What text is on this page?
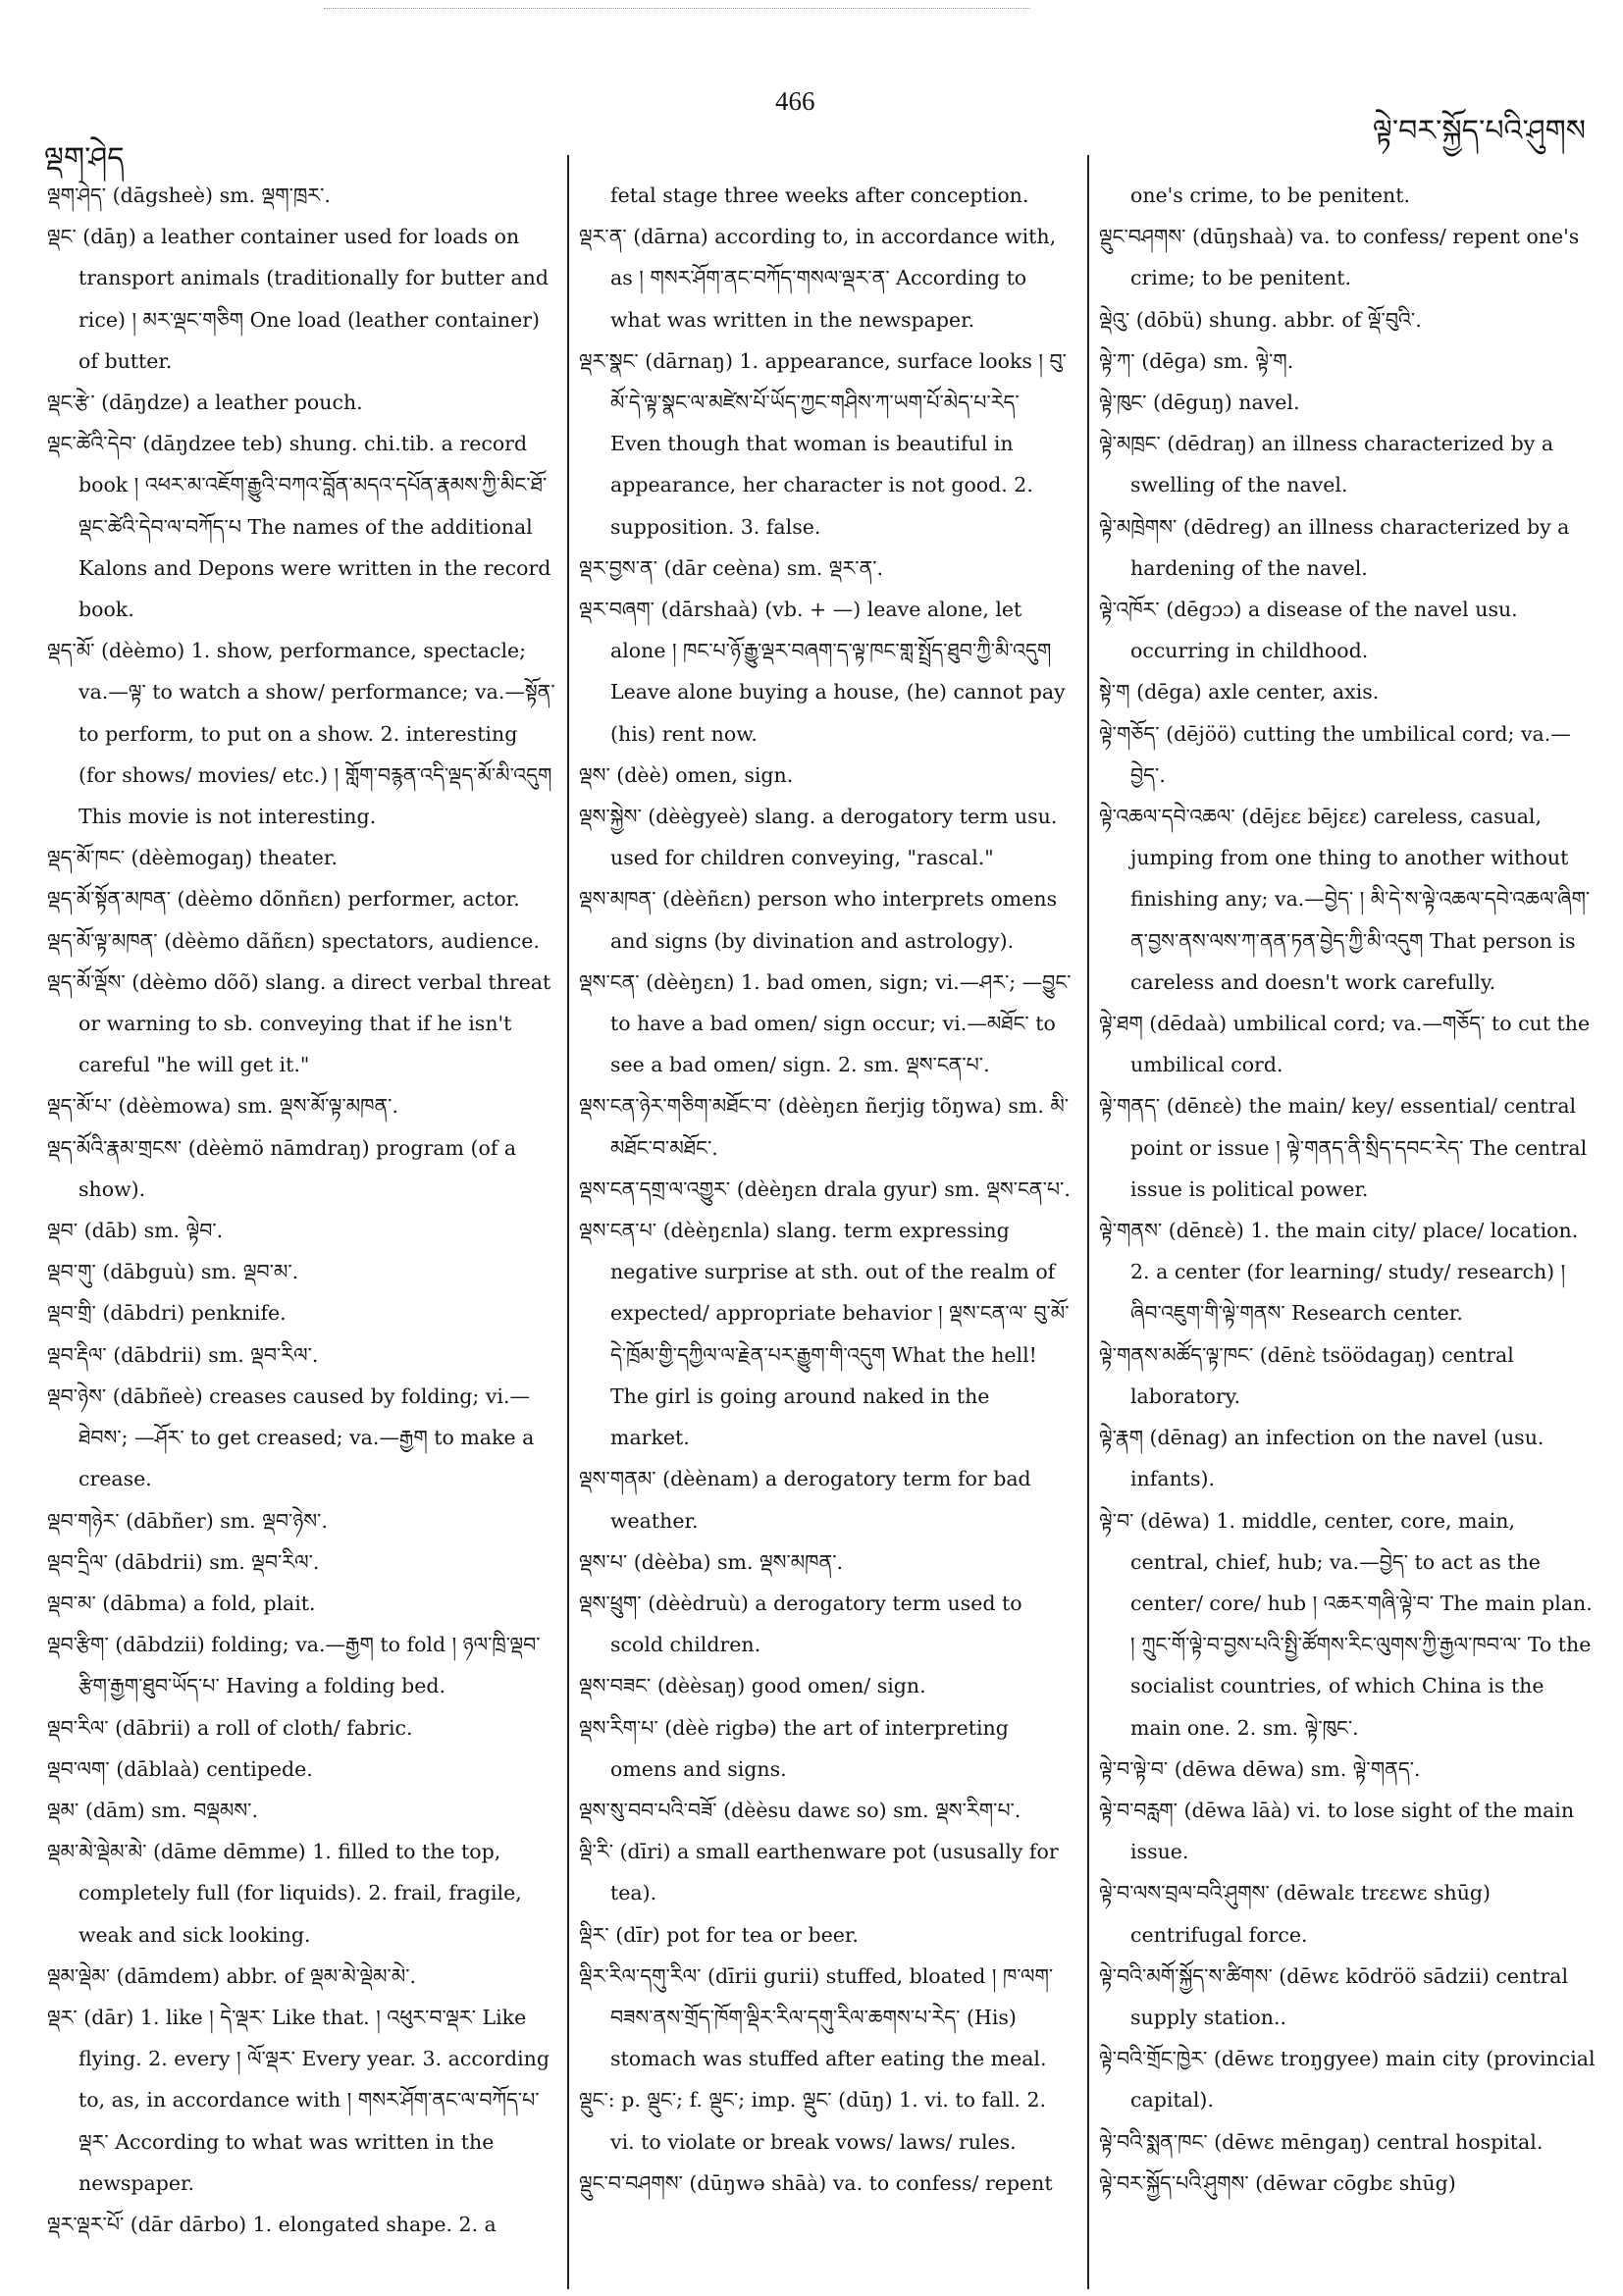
ལྡག་ཤེད
466
ལྟེ་བར་སྐྱོད་པའི་ཤུགས

ལྡག་ཤེད་ (dāgsheè) sm. ལྡག་ཁྲར་.

ལྡང་ (dāŋ) a leather container used for loads on transport animals (traditionally for butter and rice) ། མར་ལྡང་གཅིག One load (leather container) of butter.

ལྡང་རྩེ་ (dāŋdze) a leather pouch.

ལྡང་ཚེའི་དེབ་ (dāŋdzee teb) shung. chi.tib. a record book ། འཕར་མ་འཇོག་རྒྱུའི་བཀའ་བློན་མདའ་དཔོན་རྣམས་ཀྱི་མིང་ཐོ་ལྡང་ཚེའི་དེབ་ལ་བཀོད་པ The names of the additional Kalons and Depons were written in the record book.

ལྡད་མོ་ (dèèmo) 1. show, performance, spectacle; va.—ལྟ་ to watch a show/ performance; va.—སྟོན་ to perform, to put on a show. 2. interesting (for shows/ movies/ etc.) ། གློག་བརྙན་འདི་ལྡད་མོ་མི་འདུག This movie is not interesting.

ལྡད་མོ་ཁང་ (dèèmogaŋ) theater.

ལྡད་མོ་སྟོན་མཁན་ (dèèmo dõnñɛn) performer, actor.

ལྡད་མོ་ལྟ་མཁན་ (dèèmo dãñɛn) spectators, audience.

ལྡད་མོ་ལྡོས་ (dèèmo dõõ) slang. a direct verbal threat or warning to sb. conveying that if he isn't careful "he will get it."

ལྡད་མོ་པ་ (dèèmowa) sm. ལྡས་མོ་ལྟ་མཁན་.

ལྡད་མོའི་རྣམ་གྲངས་ (dèèmö nāmdraŋ) program (of a show).

ལྡབ་ (dāb) sm. ལྟེབ་.

ལྡབ་གུ་ (dābguù) sm. ལྡབ་མ་.

ལྡབ་གྲི་ (dābdri) penknife.

ལྡབ་རྡིལ་ (dābdrii) sm. ལྡབ་རིལ་.

ལྡབ་ཉེས་ (dābñeè) creases caused by folding; vi.—ཐེབས་; —ཤོར་ to get creased; va.—རྒྱག to make a crease.

ལྡབ་གཉེར་ (dābñer) sm. ལྡབ་ཉེས་.

ལྡབ་དྲིལ་ (dābdrii) sm. ལྡབ་རིལ་.

ལྡབ་མ་ (dābma) a fold, plait.

ལྡབ་རྩིག་ (dābdzii) folding; va.—རྒྱག to fold ། ཉལ་ཁྲི་ལྡབ་རྩིག་རྒྱག་ཐུབ་ཡོད་པ་ Having a folding bed.

ལྡབ་རིལ་ (dābrii) a roll of cloth/ fabric.

ལྡབ་ལག་ (dāblaà) centipede.

ལྡམ་ (dām) sm. བལྡམས་.

ལྡམ་མེ་ལྡེམ་མེ་ (dāme dēmme) 1. filled to the top, completely full (for liquids). 2. frail, fragile, weak and sick looking.

ལྡམ་ལྡེམ་ (dāmdem) abbr. of ལྡམ་མེ་ལྡེམ་མེ་.

ལྡར་ (dār) 1. like ། དེ་ལྡར་ Like that. ། འཕུར་བ་ལྡར་ Like flying. 2. every ། ལོ་ལྡར་ Every year. 3. according to, as, in accordance with ། གསར་ཤོག་ནང་ལ་བཀོད་པ་ལྡར་ According to what was written in the newspaper.

ལྡར་ལྡར་པོ་ (dār dārbo) 1. elongated shape. 2. a

fetal stage three weeks after conception.

ལྡར་ན་ (dārna) according to, in accordance with, as ། གསར་ཤོག་ནང་བཀོད་གསལ་ལྡར་ན་ According to what was written in the newspaper.

ལྡར་སྣང་ (dārnaŋ) 1. appearance, surface looks ། བུ་མོ་དེ་ལྟ་སྣང་ལ་མཛེས་པོ་ཡོད་ཀྱང་གཤིས་ཀ་ཡག་པོ་མེད་པ་རེད་ Even though that woman is beautiful in appearance, her character is not good. 2. supposition. 3. false.

ལྡར་བྱས་ན་ (dār ceèna) sm. ལྡར་ན་.

ལྡར་བཞག་ (dārshaà) (vb. + —) leave alone, let alone ། ཁང་པ་ཉོ་རྒྱུ་ལྡར་བཞག་ད་ལྟ་ཁང་གླ་སྤྲོད་ཐུབ་ཀྱི་མི་འདུག Leave alone buying a house, (he) cannot pay (his) rent now.

ལྡས་ (dèè) omen, sign.

ལྡས་སྐྱེས་ (dèègyeè) slang. a derogatory term usu. used for children conveying, "rascal."

ལྡས་མཁན་ (dèèñɛn) person who interprets omens and signs (by divination and astrology).

ལྡས་ངན་ (dèèŋɛn) 1. bad omen, sign; vi.—ཤར་; —བྱུང་ to have a bad omen/ sign occur; vi.—མཐོང་ to see a bad omen/ sign. 2. sm. ལྡས་ངན་པ་.

ལྡས་ངན་ཉེར་གཅིག་མཐོང་བ་ (dèèŋɛn ñerjig tõŋwa) sm. མི་མཐོང་བ་མཐོང་.

ལྡས་ངན་དགྲ་ལ་འགྱུར་ (dèèŋɛn drala gyur) sm. ལྡས་ངན་པ་.

ལྡས་ངན་པ་ (dèèŋɛnla) slang. term expressing negative surprise at sth. out of the realm of expected/ appropriate behavior ། ལྡས་ངན་ལ་ བུ་མོ་དེ་ཁྲོམ་གྱི་དཀྱིལ་ལ་རྗེན་པར་རྒྱུག་གི་འདུག What the hell! The girl is going around naked in the market.

ལྡས་གནམ་ (dèènam) a derogatory term for bad weather.

ལྡས་པ་ (dèèba) sm. ལྡས་མཁན་.

ལྡས་ཕྲུག་ (dèèdruù) a derogatory term used to scold children.

ལྡས་བཟང་ (dèèsaŋ) good omen/ sign.

ལྡས་རིག་པ་ (dèè rigbə) the art of interpreting omens and signs.

ལྡས་སུ་བབ་པའི་བཟོ་ (dèèsu dawɛ so) sm. ལྡས་རིག་པ་.

ལྡི་རི་ (dīri) a small earthenware pot (ususally for tea).

ལྡིར་ (dīr) pot for tea or beer.

ལྡིར་རིལ་དགུ་རིལ་ (dīrii gurii) stuffed, bloated ། ཁ་ལག་བཟས་ནས་གྲོད་ཁོག་ལྡིར་རིལ་དགུ་རིལ་ཆགས་པ་རེད་ (His) stomach was stuffed after eating the meal.

ལྡུང་: p. ལྡུང་; f. ལྡུང་; imp. ལྡུང་ (dūŋ) 1. vi. to fall. 2. vi. to violate or break vows/ laws/ rules.

ལྡུང་བ་བཤགས་ (dūŋwə shāà) va. to confess/ repent

one's crime, to be penitent.

ལྡུང་བཤགས་ (dūŋshaà) va. to confess/ repent one's crime; to be penitent.

ལྡེའུ་ (dōbü) shung. abbr. of ལྡོ་བུའི་.

ལྟེ་ཀ་ (dēga) sm. ལྟེ་ག.

ལྟེ་ཁུང་ (dēguŋ) navel.

ལྟེ་མཁྲང་ (dēdraŋ) an illness characterized by a swelling of the navel.

ལྟེ་མཁྲེགས་ (dēdreg) an illness characterized by a hardening of the navel.

ལྟེ་འཁོར་ (dēgɔɔ) a disease of the navel usu. occurring in childhood.

སྟེ་ག (dēga) axle center, axis.

ལྟེ་གཅོད་ (dējöö) cutting the umbilical cord; va.— བྱེད་.

ལྟེ་འཆལ་དབེ་འཆལ་ (dējɛɛ bējɛɛ) careless, casual, jumping from one thing to another without finishing any; va.—བྱེད་ ། མི་དེ་ས་ལྟེ་འཆལ་དབེ་འཆལ་ཞིག་ན་བྱས་ནས་ལས་ཀ་ནན་ཏན་བྱེད་ཀྱི་མི་འདུག That person is careless and doesn't work carefully.

ལྟེ་ཐག (dēdaà) umbilical cord; va.—གཅོད་ to cut the umbilical cord.

ལྟེ་གནད་ (dēnɛè) the main/ key/ essential/ central point or issue ། ལྟེ་གནད་ནི་སྲིད་དབང་རེད་ The central issue is political power.

ལྟེ་གནས་ (dēnɛè) 1. the main city/ place/ location. 2. a center (for learning/ study/ research) ། ཞིབ་འཇུག་གི་ལྟེ་གནས་ Research center.

ལྟེ་གནས་མཚོད་ལྟ་ཁང་ (dēnɛ̀ tsöödagaŋ) central laboratory.

ལྟེ་རྣག (dēnag) an infection on the navel (usu. infants).

ལྟེ་བ་ (dēwa) 1. middle, center, core, main, central, chief, hub; va.—བྱེད་ to act as the center/ core/ hub ། འཆར་གཞི་ལྟེ་བ་ The main plan. ། ཀྲུང་གོ་ལྟེ་བ་བྱས་པའི་སྤྱི་ཚོགས་རིང་ལུགས་ཀྱི་རྒྱལ་ཁབ་ལ་ To the socialist countries, of which China is the main one. 2. sm. ལྟེ་ཁུང་.

ལྟེ་བ་ལྟེ་བ་ (dēwa dēwa) sm. ལྟེ་གནད་.

ལྟེ་བ་བརླག་ (dēwa lāà) vi. to lose sight of the main issue.

ལྟེ་བ་ལས་བྲལ་བའི་ཤུགས་ (dēwalɛ trɛɛwɛ shūg) centrifugal force.

ལྟེ་བའི་མགོ་སྐྱོད་ས་ཚིགས་ (dēwɛ kōdröö sādzii) central supply station..

ལྟེ་བའི་གྲོང་ཁྱེར་ (dēwɛ troŋgyee) main city (provincial capital).

ལྟེ་བའི་སྨན་ཁང་ (dēwɛ mēngaŋ) central hospital.

ལྟེ་བར་སྐྱོད་པའི་ཤུགས་ (dēwar cōgbɛ shūg)
